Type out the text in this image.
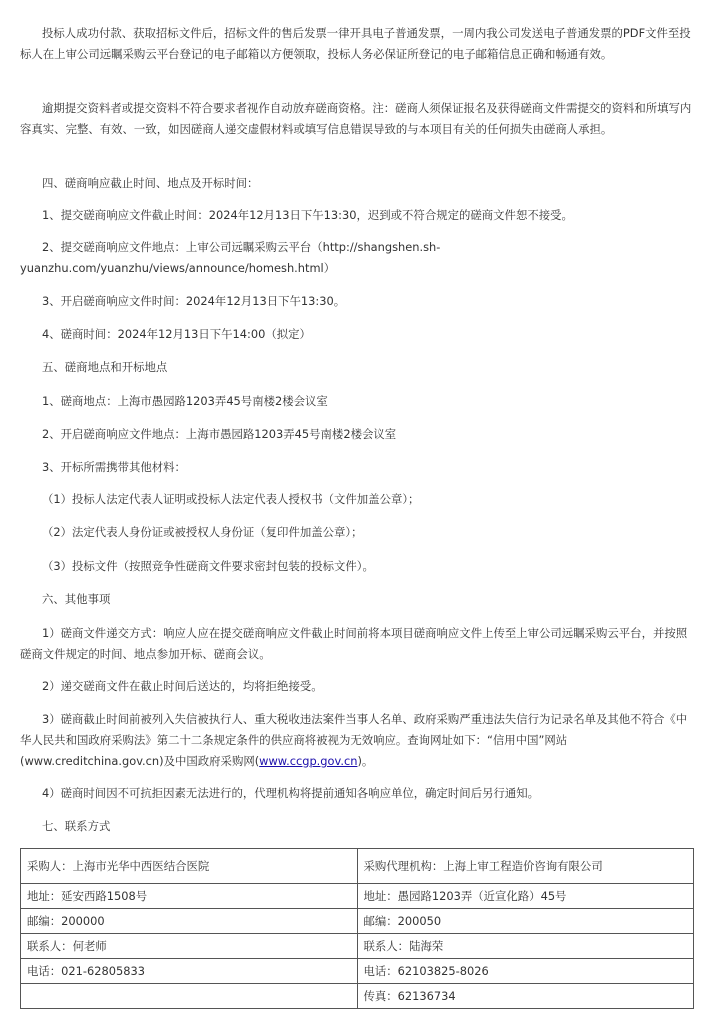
投标人成功付款、获取招标文件后，招标文件的售后发票一律开具电子普通发票，一周内我公司发送电子普通发票的PDF文件至投标人在上审公司远瞩采购云平台登记的电子邮箱以方便领取，投标人务必保证所登记的电子邮箱信息正确和畅通有效。

逾期提交资料者或提交资料不符合要求者视作自动放弃磋商资格。注：磋商人须保证报名及获得磋商文件需提交的资料和所填写内容真实、完整、有效、一致，如因磋商人递交虚假材料或填写信息错误导致的与本项目有关的任何损失由磋商人承担。

四、磋商响应截止时间、地点及开标时间：

1、提交磋商响应文件截止时间：2024年12月13日下午13:30，迟到或不符合规定的磋商文件恕不接受。

2、提交磋商响应文件地点：上审公司远瞩采购云平台（http://shangshen.sh-yuanzhu.com/yuanzhu/views/announce/homesh.html）

3、开启磋商响应文件时间：2024年12月13日下午13:30。

4、磋商时间：2024年12月13日下午14:00（拟定）

五、磋商地点和开标地点

1、磋商地点：上海市愚园路1203弄45号南楼2楼会议室

2、开启磋商响应文件地点：上海市愚园路1203弄45号南楼2楼会议室

3、开标所需携带其他材料：

（1）投标人法定代表人证明或投标人法定代表人授权书（文件加盖公章）；

（2）法定代表人身份证或被授权人身份证（复印件加盖公章）；

（3）投标文件（按照竞争性磋商文件要求密封包装的投标文件）。

六、其他事项

1）磋商文件递交方式：响应人应在提交磋商响应文件截止时间前将本项目磋商响应文件上传至上审公司远瞩采购云平台，并按照磋商文件规定的时间、地点参加开标、磋商会议。

2）递交磋商文件在截止时间后送达的，均将拒绝接受。

3）磋商截止时间前被列入失信被执行人、重大税收违法案件当事人名单、政府采购严重违法失信行为记录名单及其他不符合《中华人民共和国政府采购法》第二十二条规定条件的供应商将被视为无效响应。查询网址如下：“信用中国”网站(www.creditchina.gov.cn)及中国政府采购网(www.ccgp.gov.cn)。

4）磋商时间因不可抗拒因素无法进行的，代理机构将提前通知各响应单位，确定时间后另行通知。

七、联系方式

采购人：上海市光华中西医结合医院	采购代理机构：上海上审工程造价咨询有限公司
地址：延安西路1508号	地址：愚园路1203弄（近宣化路）45号
邮编：200000	邮编：200050
联系人：何老师	联系人：陆海荣
电话：021-62805833	电话：62103825-8026
	传真：62136734
